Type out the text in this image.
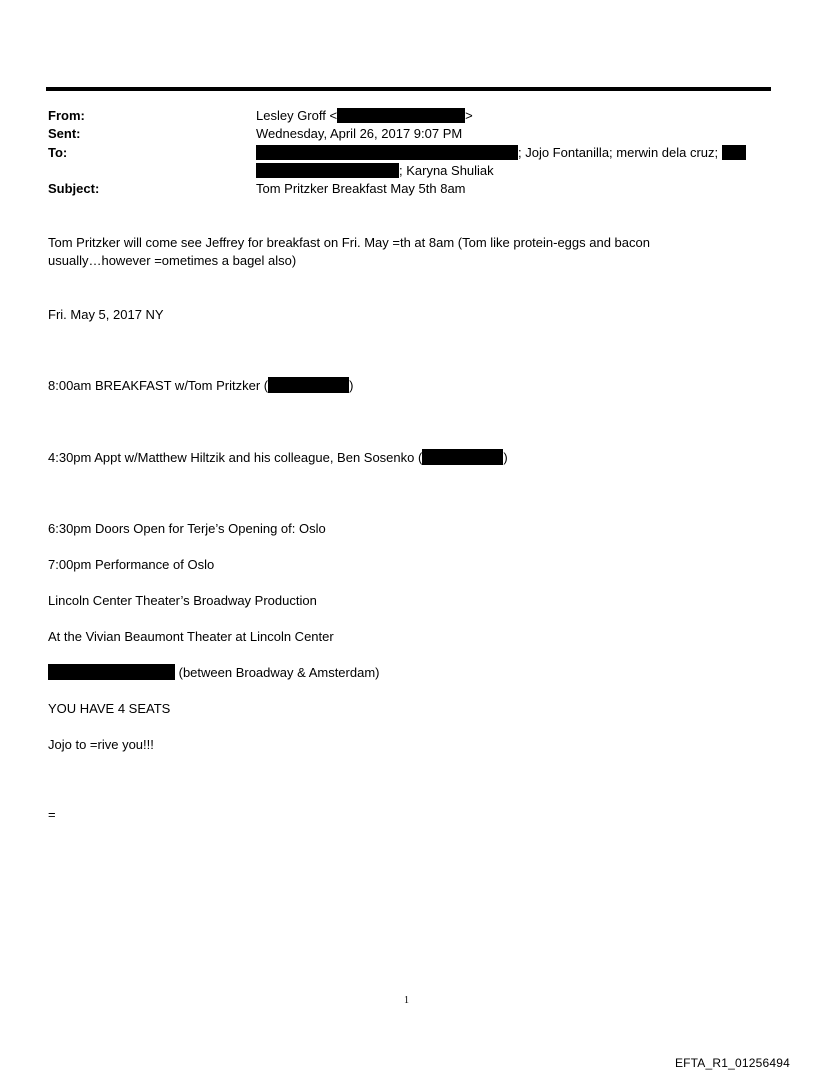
From:	Lesley Groff <	>
Sent:	Wednesday, April 26, 2017 9:07 PM
To:	; Jojo Fontanilla; merwin dela cruz;
; Karyna Shuliak
Subject:	Tom Pritzker Breakfast May 5th 8am
Tom Pritzker will come see Jeffrey for breakfast on Fri. May =th at 8am (Tom like protein-eggs and bacon
usually…however =ometimes a bagel also)
Fri. May 5, 2017 NY
8:00am BREAKFAST w/Tom Pritzker (	)
4:30pm Appt w/Matthew Hiltzik and his colleague, Ben Sosenko (	)
6:30pm Doors Open for Terje’s Opening of: Oslo
7:00pm Performance of Oslo
Lincoln Center Theater’s Broadway Production
At the Vivian Beaumont Theater at Lincoln Center
(between Broadway & Amsterdam)
YOU HAVE 4 SEATS
Jojo to =rive you!!!
=
1
EFTA_R1_01256494
